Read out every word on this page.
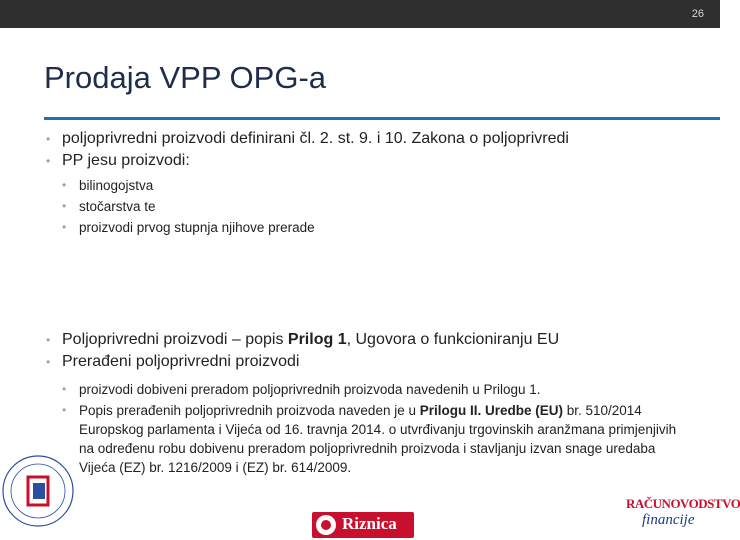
26
Prodaja VPP OPG-a
• poljoprivredni proizvodi definirani čl. 2. st. 9. i 10. Zakona o poljoprivredi
• PP jesu proizvodi:
• bilinogojstva
• stočarstva te
• proizvodi prvog stupnja njihove prerade
• Poljoprivredni proizvodi – popis Prilog 1, Ugovora o funkcioniranju EU
• Prerađeni poljoprivredni proizvodi
• proizvodi dobiveni preradom poljoprivrednih proizvoda navedenih u Prilogu 1.
• Popis prerađenih poljoprivrednih proizvoda naveden je u Prilogu II. Uredbe (EU) br. 510/2014 Europskog parlamenta i Vijeća od 16. travnja 2014. o utvrđivanju trgovinskih aranžmana primjenjivih na određenu robu dobivenu preradom poljoprivrednih proizvoda i stavljanju izvan snage uredaba Vijeća (EZ) br. 1216/2009 i (EZ) br. 614/2009.
Riznica
RAČUNOVODSTVO
financije
